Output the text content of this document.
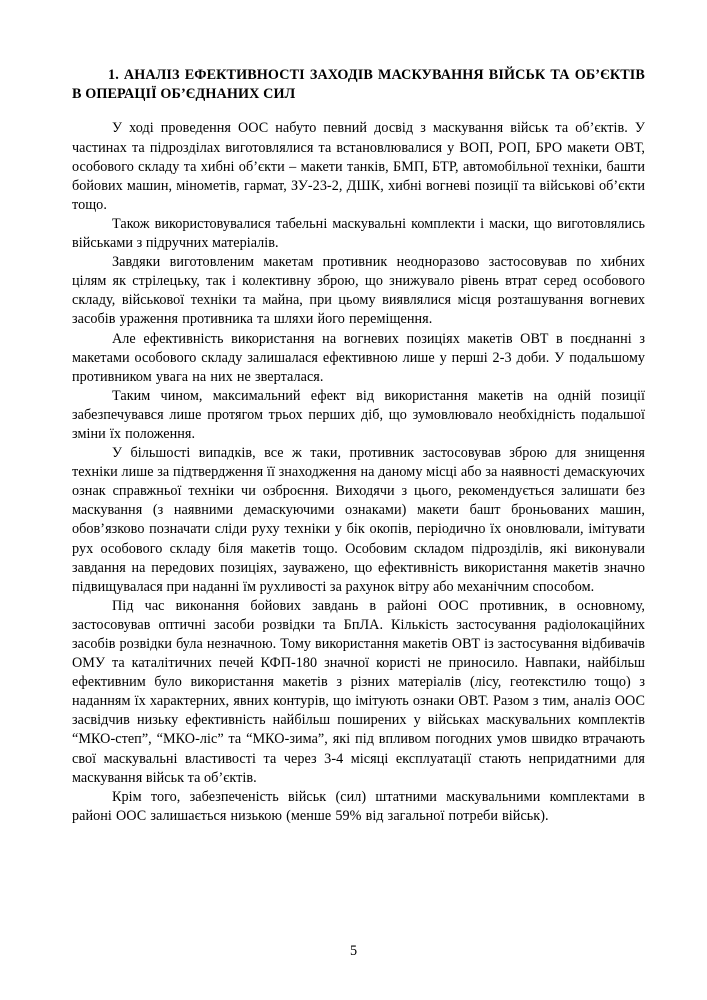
1. АНАЛІЗ ЕФЕКТИВНОСТІ ЗАХОДІВ МАСКУВАННЯ ВІЙСЬК ТА ОБ’ЄКТІВ В ОПЕРАЦІЇ ОБ’ЄДНАНИХ СИЛ

У ході проведення ООС набуто певний досвід з маскування військ та об’єктів. У частинах та підрозділах виготовлялися та встановлювалися у ВОП, РОП, БРО макети ОВТ, особового складу та хибні об’єкти – макети танків, БМП, БТР, автомобільної техніки, башти бойових машин, мінометів, гармат, ЗУ-23-2, ДШК, хибні вогневі позиції та військові об’єкти тощо.

Також використовувалися табельні маскувальні комплекти і маски, що виготовлялись військами з підручних матеріалів.

Завдяки виготовленим макетам противник неодноразово застосовував по хибних цілям як стрілецьку, так і колективну зброю, що знижувало рівень втрат серед особового складу, військової техніки та майна, при цьому виявлялися місця розташування вогневих засобів ураження противника та шляхи його переміщення.

Але ефективність використання на вогневих позиціях макетів ОВТ в поєднанні з макетами особового складу залишалася ефективною лише у перші 2-3 доби. У подальшому противником увага на них не зверталася.

Таким чином, максимальний ефект від використання макетів на одній позиції забезпечувався лише протягом трьох перших діб, що зумовлювало необхідність подальшої зміни їх положення.

У більшості випадків, все ж таки, противник застосовував зброю для знищення техніки лише за підтвердження її знаходження на даному місці або за наявності демаскуючих ознак справжньої техніки чи озброєння. Виходячи з цього, рекомендується залишати без маскування (з наявними демаскуючими ознаками) макети башт броньованих машин, обов’язково позначати сліди руху техніки у бік окопів, періодично їх оновлювали, імітувати рух особового складу біля макетів тощо. Особовим складом підрозділів, які виконували завдання на передових позиціях, зауважено, що ефективність використання макетів значно підвищувалася при наданні їм рухливості за рахунок вітру або механічним способом.

Під час виконання бойових завдань в районі ООС противник, в основному, застосовував оптичні засоби розвідки та БпЛА. Кількість застосування радіолокаційних засобів розвідки була незначною. Тому використання макетів ОВТ із застосування відбивачів ОМУ та каталітичних печей КФП-180 значної користі не приносило. Навпаки, найбільш ефективним було використання макетів з різних матеріалів (лісу, геотекстилю тощо) з наданням їх характерних, явних контурів, що імітують ознаки ОВТ. Разом з тим, аналіз ООС засвідчив низьку ефективність найбільш поширених у військах маскувальних комплектів “МКО-степ”, “МКО-ліс” та “МКО-зима”, які під впливом погодних умов швидко втрачають свої маскувальні властивості та через 3-4 місяці експлуатації стають непридатними для маскування військ та об’єктів.

Крім того, забезпеченість військ (сил) штатними маскувальними комплектами в районі ООС залишається низькою (менше 59% від загальної потреби військ).

5
